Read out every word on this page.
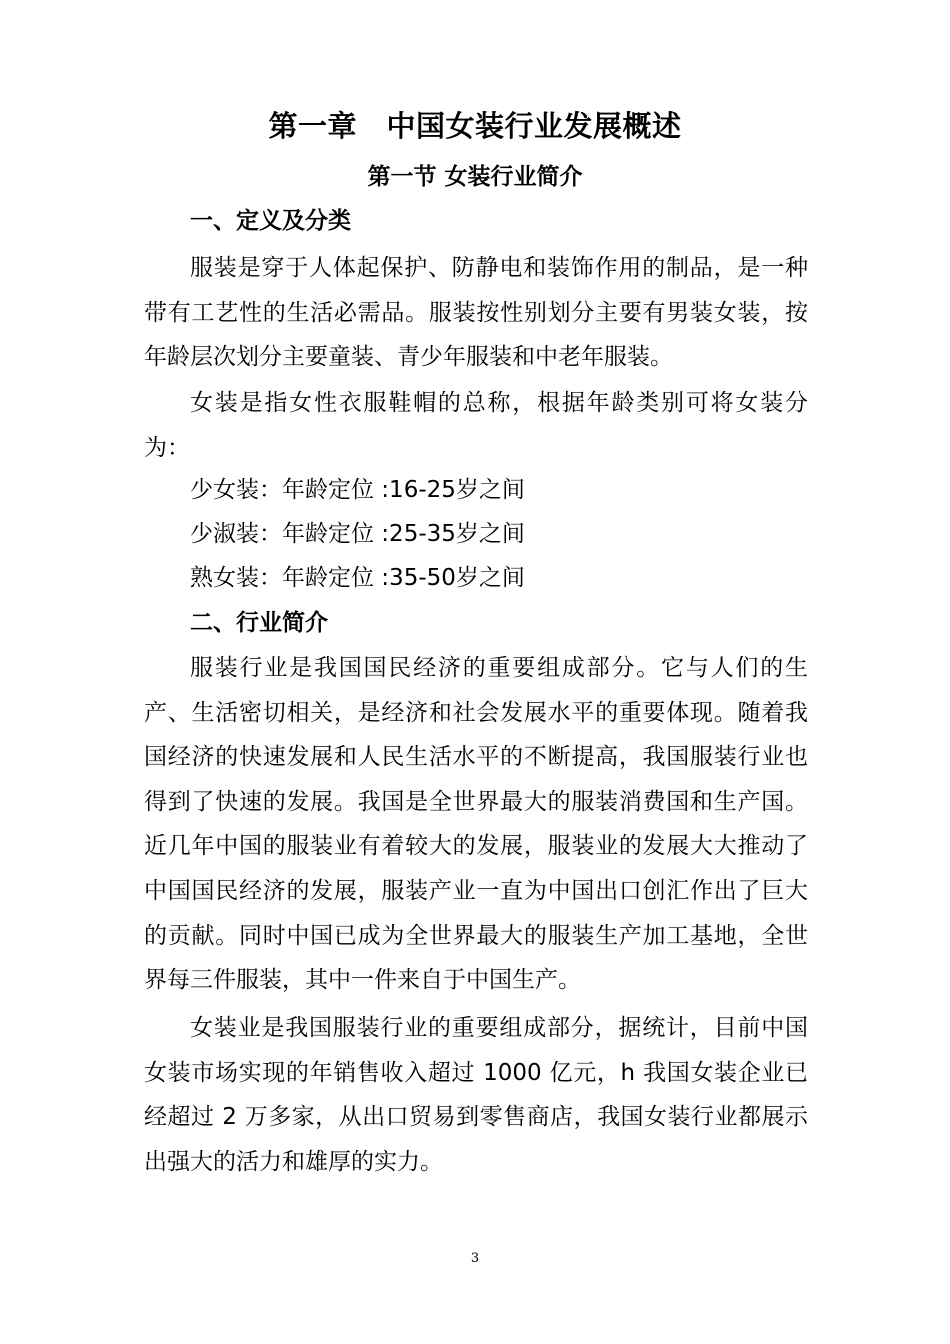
第一章　中国女装行业发展概述
第一节 女装行业简介
一、定义及分类

服装是穿于人体起保护、防静电和装饰作用的制品，是一种带有工艺性的生活必需品。服装按性别划分主要有男装女装，按年龄层次划分主要童装、青少年服装和中老年服装。

女装是指女性衣服鞋帽的总称，根据年龄类别可将女装分为：

少女装：年龄定位 :16-25岁之间
少淑装：年龄定位 :25-35岁之间
熟女装：年龄定位 :35-50岁之间
二、行业简介

服装行业是我国国民经济的重要组成部分。它与人们的生产、生活密切相关，是经济和社会发展水平的重要体现。随着我国经济的快速发展和人民生活水平的不断提高，我国服装行业也得到了快速的发展。我国是全世界最大的服装消费国和生产国。近几年中国的服装业有着较大的发展，服装业的发展大大推动了中国国民经济的发展，服装产业一直为中国出口创汇作出了巨大的贡献。同时中国已成为全世界最大的服装生产加工基地，全世界每三件服装，其中一件来自于中国生产。

女装业是我国服装行业的重要组成部分，据统计，目前中国女装市场实现的年销售收入超过 1000 亿元，h 我国女装企业已经超过 2 万多家，从出口贸易到零售商店，我国女装行业都展示出强大的活力和雄厚的实力。

3
